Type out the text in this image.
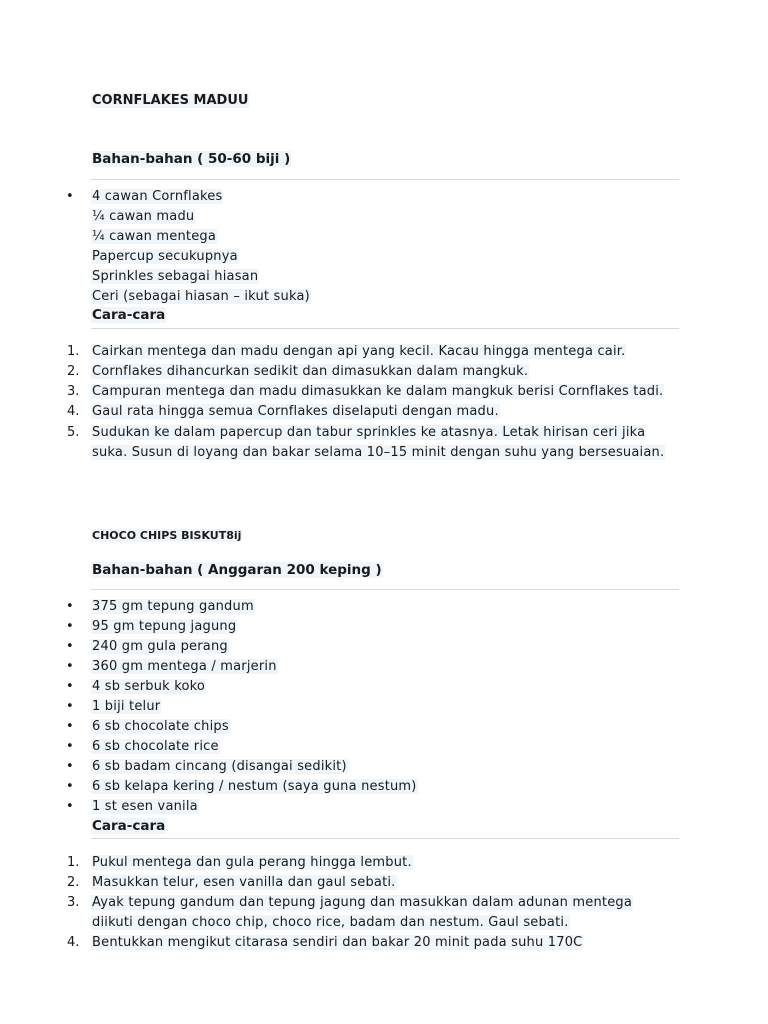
CORNFLAKES MADUU
Bahan-bahan ( 50-60 biji )
• 4 cawan Cornflakes
¼ cawan madu
¼ cawan mentega
Papercup secukupnya
Sprinkles sebagai hiasan
Ceri (sebagai hiasan – ikut suka)
Cara-cara
1. Cairkan mentega dan madu dengan api yang kecil. Kacau hingga mentega cair.
2. Cornflakes dihancurkan sedikit dan dimasukkan dalam mangkuk.
3. Campuran mentega dan madu dimasukkan ke dalam mangkuk berisi Cornflakes tadi.
4. Gaul rata hingga semua Cornflakes diselaputi dengan madu.
5. Sudukan ke dalam papercup dan tabur sprinkles ke atasnya. Letak hirisan ceri jika
suka. Susun di loyang dan bakar selama 10–15 minit dengan suhu yang bersesuaian.
CHOCO CHIPS BISKUT8ij
Bahan-bahan ( Anggaran 200 keping )
• 375 gm tepung gandum
• 95 gm tepung jagung
• 240 gm gula perang
• 360 gm mentega / marjerin
• 4 sb serbuk koko
• 1 biji telur
• 6 sb chocolate chips
• 6 sb chocolate rice
• 6 sb badam cincang (disangai sedikit)
• 6 sb kelapa kering / nestum (saya guna nestum)
• 1 st esen vanila
Cara-cara
1. Pukul mentega dan gula perang hingga lembut.
2. Masukkan telur, esen vanilla dan gaul sebati.
3. Ayak tepung gandum dan tepung jagung dan masukkan dalam adunan mentega
diikuti dengan choco chip, choco rice, badam dan nestum. Gaul sebati.
4. Bentukkan mengikut citarasa sendiri dan bakar 20 minit pada suhu 170C
